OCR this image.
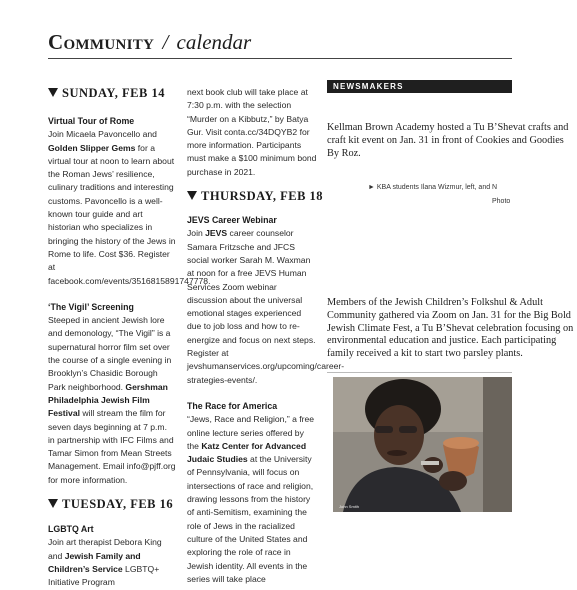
Community / calendar
SUNDAY, FEB 14

Virtual Tour of Rome

Join Micaela Pavoncello and Golden Slipper Gems for a virtual tour at noon to learn about the Roman Jews’ resilience, culinary traditions and interesting customs. Pavoncello is a well-known tour guide and art historian who specializes in bringing the history of the Jews in Rome to life. Cost $36. Register at facebook.com/events/3516815891747778.

‘The Vigil’ Screening

Steeped in ancient Jewish lore and demonology, “The Vigil” is a supernatural horror film set over the course of a single evening in Brooklyn’s Chasidic Borough Park neighborhood. Gershman Philadelphia Jewish Film Festival will stream the film for seven days beginning at 7 p.m. in partnership with IFC Films and Tamar Simon from Mean Streets Management. Email info@pjff.org for more information.

TUESDAY, FEB 16

LGBTQ Art

Join art therapist Debora King and Jewish Family and Children’s Service LGBTQ+ Initiative Program

next book club will take place at 7:30 p.m. with the selection “Murder on a Kibbutz,” by Batya Gur. Visit conta.cc/34DQYB2 for more information. Participants must make a $100 minimum bond purchase in 2021.

THURSDAY, FEB 18

JEVS Career Webinar

Join JEVS career counselor Samara Fritzsche and JFCS social worker Sarah M. Waxman at noon for a free JEVS Human Services Zoom webinar discussion about the universal emotional stages experienced due to job loss and how to re-energize and focus on next steps. Register at jevshumanservices.org/upcoming/career-strategies-events/.

The Race for America

“Jews, Race and Religion,” a free online lecture series offered by the Katz Center for Advanced Judaic Studies at the University of Pennsylvania, will focus on intersections of race and religion, drawing lessons from the history of anti-Semitism, examining the role of Jews in the racialized culture of the United States and exploring the role of race in Jewish identity. All events in the series will take place

NEWSMAKERS
Kellman Brown Academy hosted a Tu B’Shevat crafts and craft kit event on Jan. 31 in front of Cookies and Goodies By Roz.
► KBA students Ilana Wizmur, left, and N
Photo
Members of the Jewish Children’s Folkshul & Adult Community gathered via Zoom on Jan. 31 for the Big Bold Jewish Climate Fest, a Tu B’Shevat celebration focusing on environmental education and justice. Each participating family received a kit to start two parsley plants.
John Smith
